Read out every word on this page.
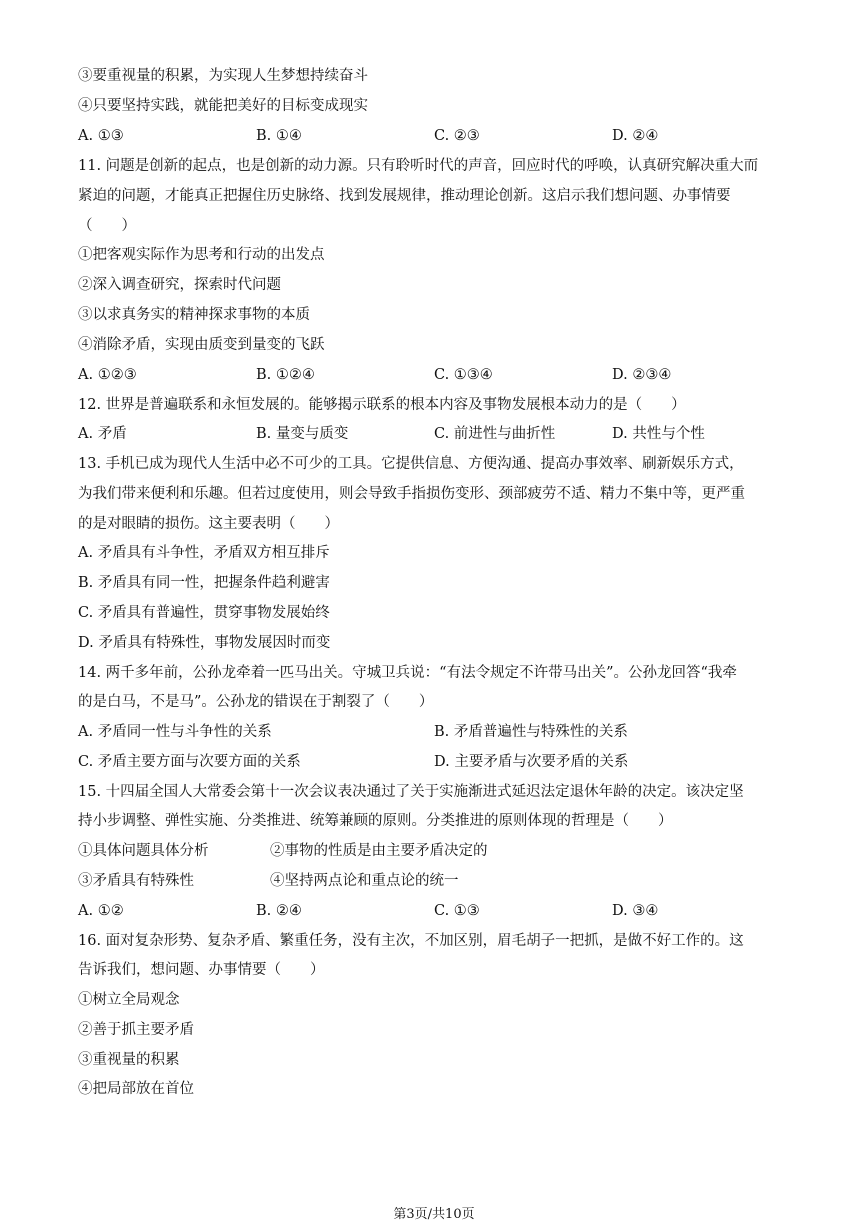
③要重视量的积累，为实现人生梦想持续奋斗
④只要坚持实践，就能把美好的目标变成现实
A. ①③	B. ①④	C. ②③	D. ②④
11. 问题是创新的起点，也是创新的动力源。只有聆听时代的声音，回应时代的呼唤，认真研究解决重大而
紧迫的问题，才能真正把握住历史脉络、找到发展规律，推动理论创新。这启示我们想问题、办事情要
（　　）
①把客观实际作为思考和行动的出发点
②深入调查研究，探索时代问题
③以求真务实的精神探求事物的本质
④消除矛盾，实现由质变到量变的飞跃
A. ①②③	B. ①②④	C. ①③④	D. ②③④
12. 世界是普遍联系和永恒发展的。能够揭示联系的根本内容及事物发展根本动力的是（　　）
A. 矛盾	B. 量变与质变	C. 前进性与曲折性	D. 共性与个性
13. 手机已成为现代人生活中必不可少的工具。它提供信息、方便沟通、提高办事效率、刷新娱乐方式，
为我们带来便利和乐趣。但若过度使用，则会导致手指损伤变形、颈部疲劳不适、精力不集中等，更严重
的是对眼睛的损伤。这主要表明（　　）
A. 矛盾具有斗争性，矛盾双方相互排斥
B. 矛盾具有同一性，把握条件趋利避害
C. 矛盾具有普遍性，贯穿事物发展始终
D. 矛盾具有特殊性，事物发展因时而变
14. 两千多年前，公孙龙牵着一匹马出关。守城卫兵说：“有法令规定不许带马出关”。公孙龙回答“我牵
的是白马，不是马”。公孙龙的错误在于割裂了（　　）
A. 矛盾同一性与斗争性的关系	B. 矛盾普遍性与特殊性的关系
C. 矛盾主要方面与次要方面的关系	D. 主要矛盾与次要矛盾的关系
15. 十四届全国人大常委会第十一次会议表决通过了关于实施渐进式延迟法定退休年龄的决定。该决定坚
持小步调整、弹性实施、分类推进、统筹兼顾的原则。分类推进的原则体现的哲理是（　　）
①具体问题具体分析	②事物的性质是由主要矛盾决定的
③矛盾具有特殊性	④坚持两点论和重点论的统一
A. ①②	B. ②④	C. ①③	D. ③④
16. 面对复杂形势、复杂矛盾、繁重任务，没有主次，不加区别，眉毛胡子一把抓，是做不好工作的。这
告诉我们，想问题、办事情要（　　）
①树立全局观念
②善于抓主要矛盾
③重视量的积累
④把局部放在首位
第3页/共10页
